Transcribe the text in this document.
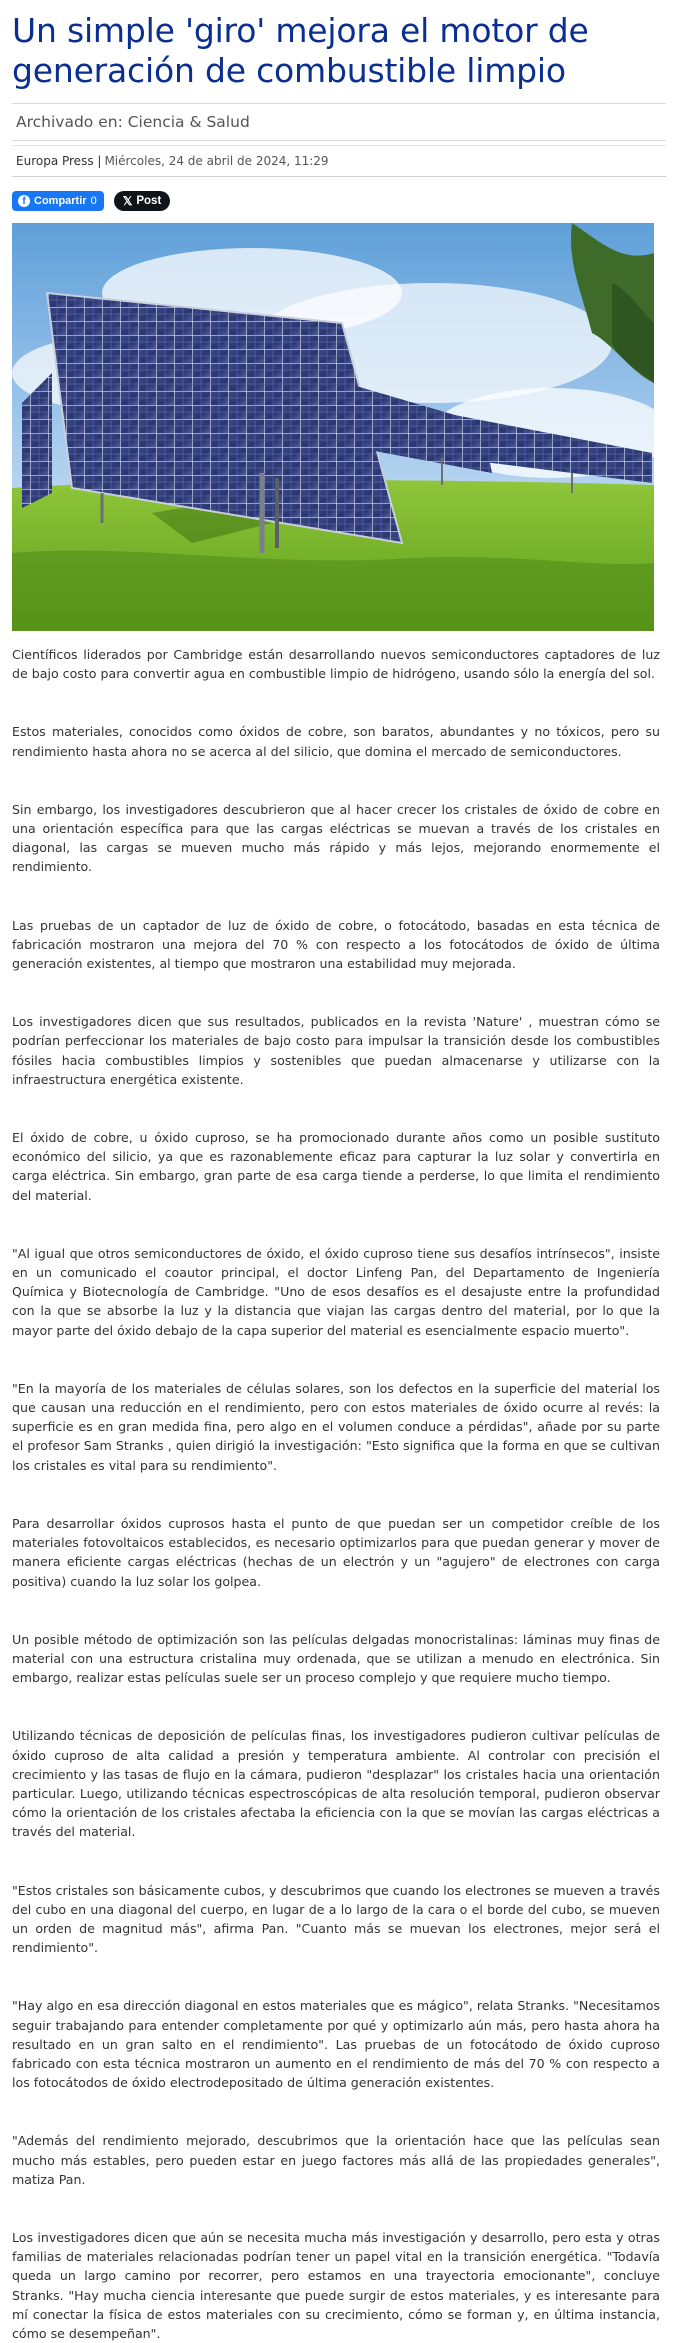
Un simple 'giro' mejora el motor de generación de combustible limpio
Archivado en: Ciencia & Salud
Europa Press | Miércoles, 24 de abril de 2024, 11:29
f Compartir 0 𝕏 Post

Científicos liderados por Cambridge están desarrollando nuevos semiconductores captadores de luz de bajo costo para convertir agua en combustible limpio de hidrógeno, usando sólo la energía del sol.

Estos materiales, conocidos como óxidos de cobre, son baratos, abundantes y no tóxicos, pero su rendimiento hasta ahora no se acerca al del silicio, que domina el mercado de semiconductores.

Sin embargo, los investigadores descubrieron que al hacer crecer los cristales de óxido de cobre en una orientación específica para que las cargas eléctricas se muevan a través de los cristales en diagonal, las cargas se mueven mucho más rápido y más lejos, mejorando enormemente el rendimiento.

Las pruebas de un captador de luz de óxido de cobre, o fotocátodo, basadas en esta técnica de fabricación mostraron una mejora del 70 % con respecto a los fotocátodos de óxido de última generación existentes, al tiempo que mostraron una estabilidad muy mejorada.

Los investigadores dicen que sus resultados, publicados en la revista 'Nature' , muestran cómo se podrían perfeccionar los materiales de bajo costo para impulsar la transición desde los combustibles fósiles hacia combustibles limpios y sostenibles que puedan almacenarse y utilizarse con la infraestructura energética existente.

El óxido de cobre, u óxido cuproso, se ha promocionado durante años como un posible sustituto económico del silicio, ya que es razonablemente eficaz para capturar la luz solar y convertirla en carga eléctrica. Sin embargo, gran parte de esa carga tiende a perderse, lo que limita el rendimiento del material.

"Al igual que otros semiconductores de óxido, el óxido cuproso tiene sus desafíos intrínsecos", insiste en un comunicado el coautor principal, el doctor Linfeng Pan, del Departamento de Ingeniería Química y Biotecnología de Cambridge. "Uno de esos desafíos es el desajuste entre la profundidad con la que se absorbe la luz y la distancia que viajan las cargas dentro del material, por lo que la mayor parte del óxido debajo de la capa superior del material es esencialmente espacio muerto".

"En la mayoría de los materiales de células solares, son los defectos en la superficie del material los que causan una reducción en el rendimiento, pero con estos materiales de óxido ocurre al revés: la superficie es en gran medida fina, pero algo en el volumen conduce a pérdidas", añade por su parte el profesor Sam Stranks , quien dirigió la investigación: "Esto significa que la forma en que se cultivan los cristales es vital para su rendimiento".

Para desarrollar óxidos cuprosos hasta el punto de que puedan ser un competidor creíble de los materiales fotovoltaicos establecidos, es necesario optimizarlos para que puedan generar y mover de manera eficiente cargas eléctricas (hechas de un electrón y un "agujero" de electrones con carga positiva) cuando la luz solar los golpea.

Un posible método de optimización son las películas delgadas monocristalinas: láminas muy finas de material con una estructura cristalina muy ordenada, que se utilizan a menudo en electrónica. Sin embargo, realizar estas películas suele ser un proceso complejo y que requiere mucho tiempo.

Utilizando técnicas de deposición de películas finas, los investigadores pudieron cultivar películas de óxido cuproso de alta calidad a presión y temperatura ambiente. Al controlar con precisión el crecimiento y las tasas de flujo en la cámara, pudieron "desplazar" los cristales hacia una orientación particular. Luego, utilizando técnicas espectroscópicas de alta resolución temporal, pudieron observar cómo la orientación de los cristales afectaba la eficiencia con la que se movían las cargas eléctricas a través del material.

"Estos cristales son básicamente cubos, y descubrimos que cuando los electrones se mueven a través del cubo en una diagonal del cuerpo, en lugar de a lo largo de la cara o el borde del cubo, se mueven un orden de magnitud más", afirma Pan. "Cuanto más se muevan los electrones, mejor será el rendimiento".

"Hay algo en esa dirección diagonal en estos materiales que es mágico", relata Stranks. "Necesitamos seguir trabajando para entender completamente por qué y optimizarlo aún más, pero hasta ahora ha resultado en un gran salto en el rendimiento". Las pruebas de un fotocátodo de óxido cuproso fabricado con esta técnica mostraron un aumento en el rendimiento de más del 70 % con respecto a los fotocátodos de óxido electrodepositado de última generación existentes.

"Además del rendimiento mejorado, descubrimos que la orientación hace que las películas sean mucho más estables, pero pueden estar en juego factores más allá de las propiedades generales", matiza Pan.

Los investigadores dicen que aún se necesita mucha más investigación y desarrollo, pero esta y otras familias de materiales relacionadas podrían tener un papel vital en la transición energética. "Todavía queda un largo camino por recorrer, pero estamos en una trayectoria emocionante", concluye Stranks. "Hay mucha ciencia interesante que puede surgir de estos materiales, y es interesante para mí conectar la física de estos materiales con su crecimiento, cómo se forman y, en última instancia, cómo se desempeñan".
